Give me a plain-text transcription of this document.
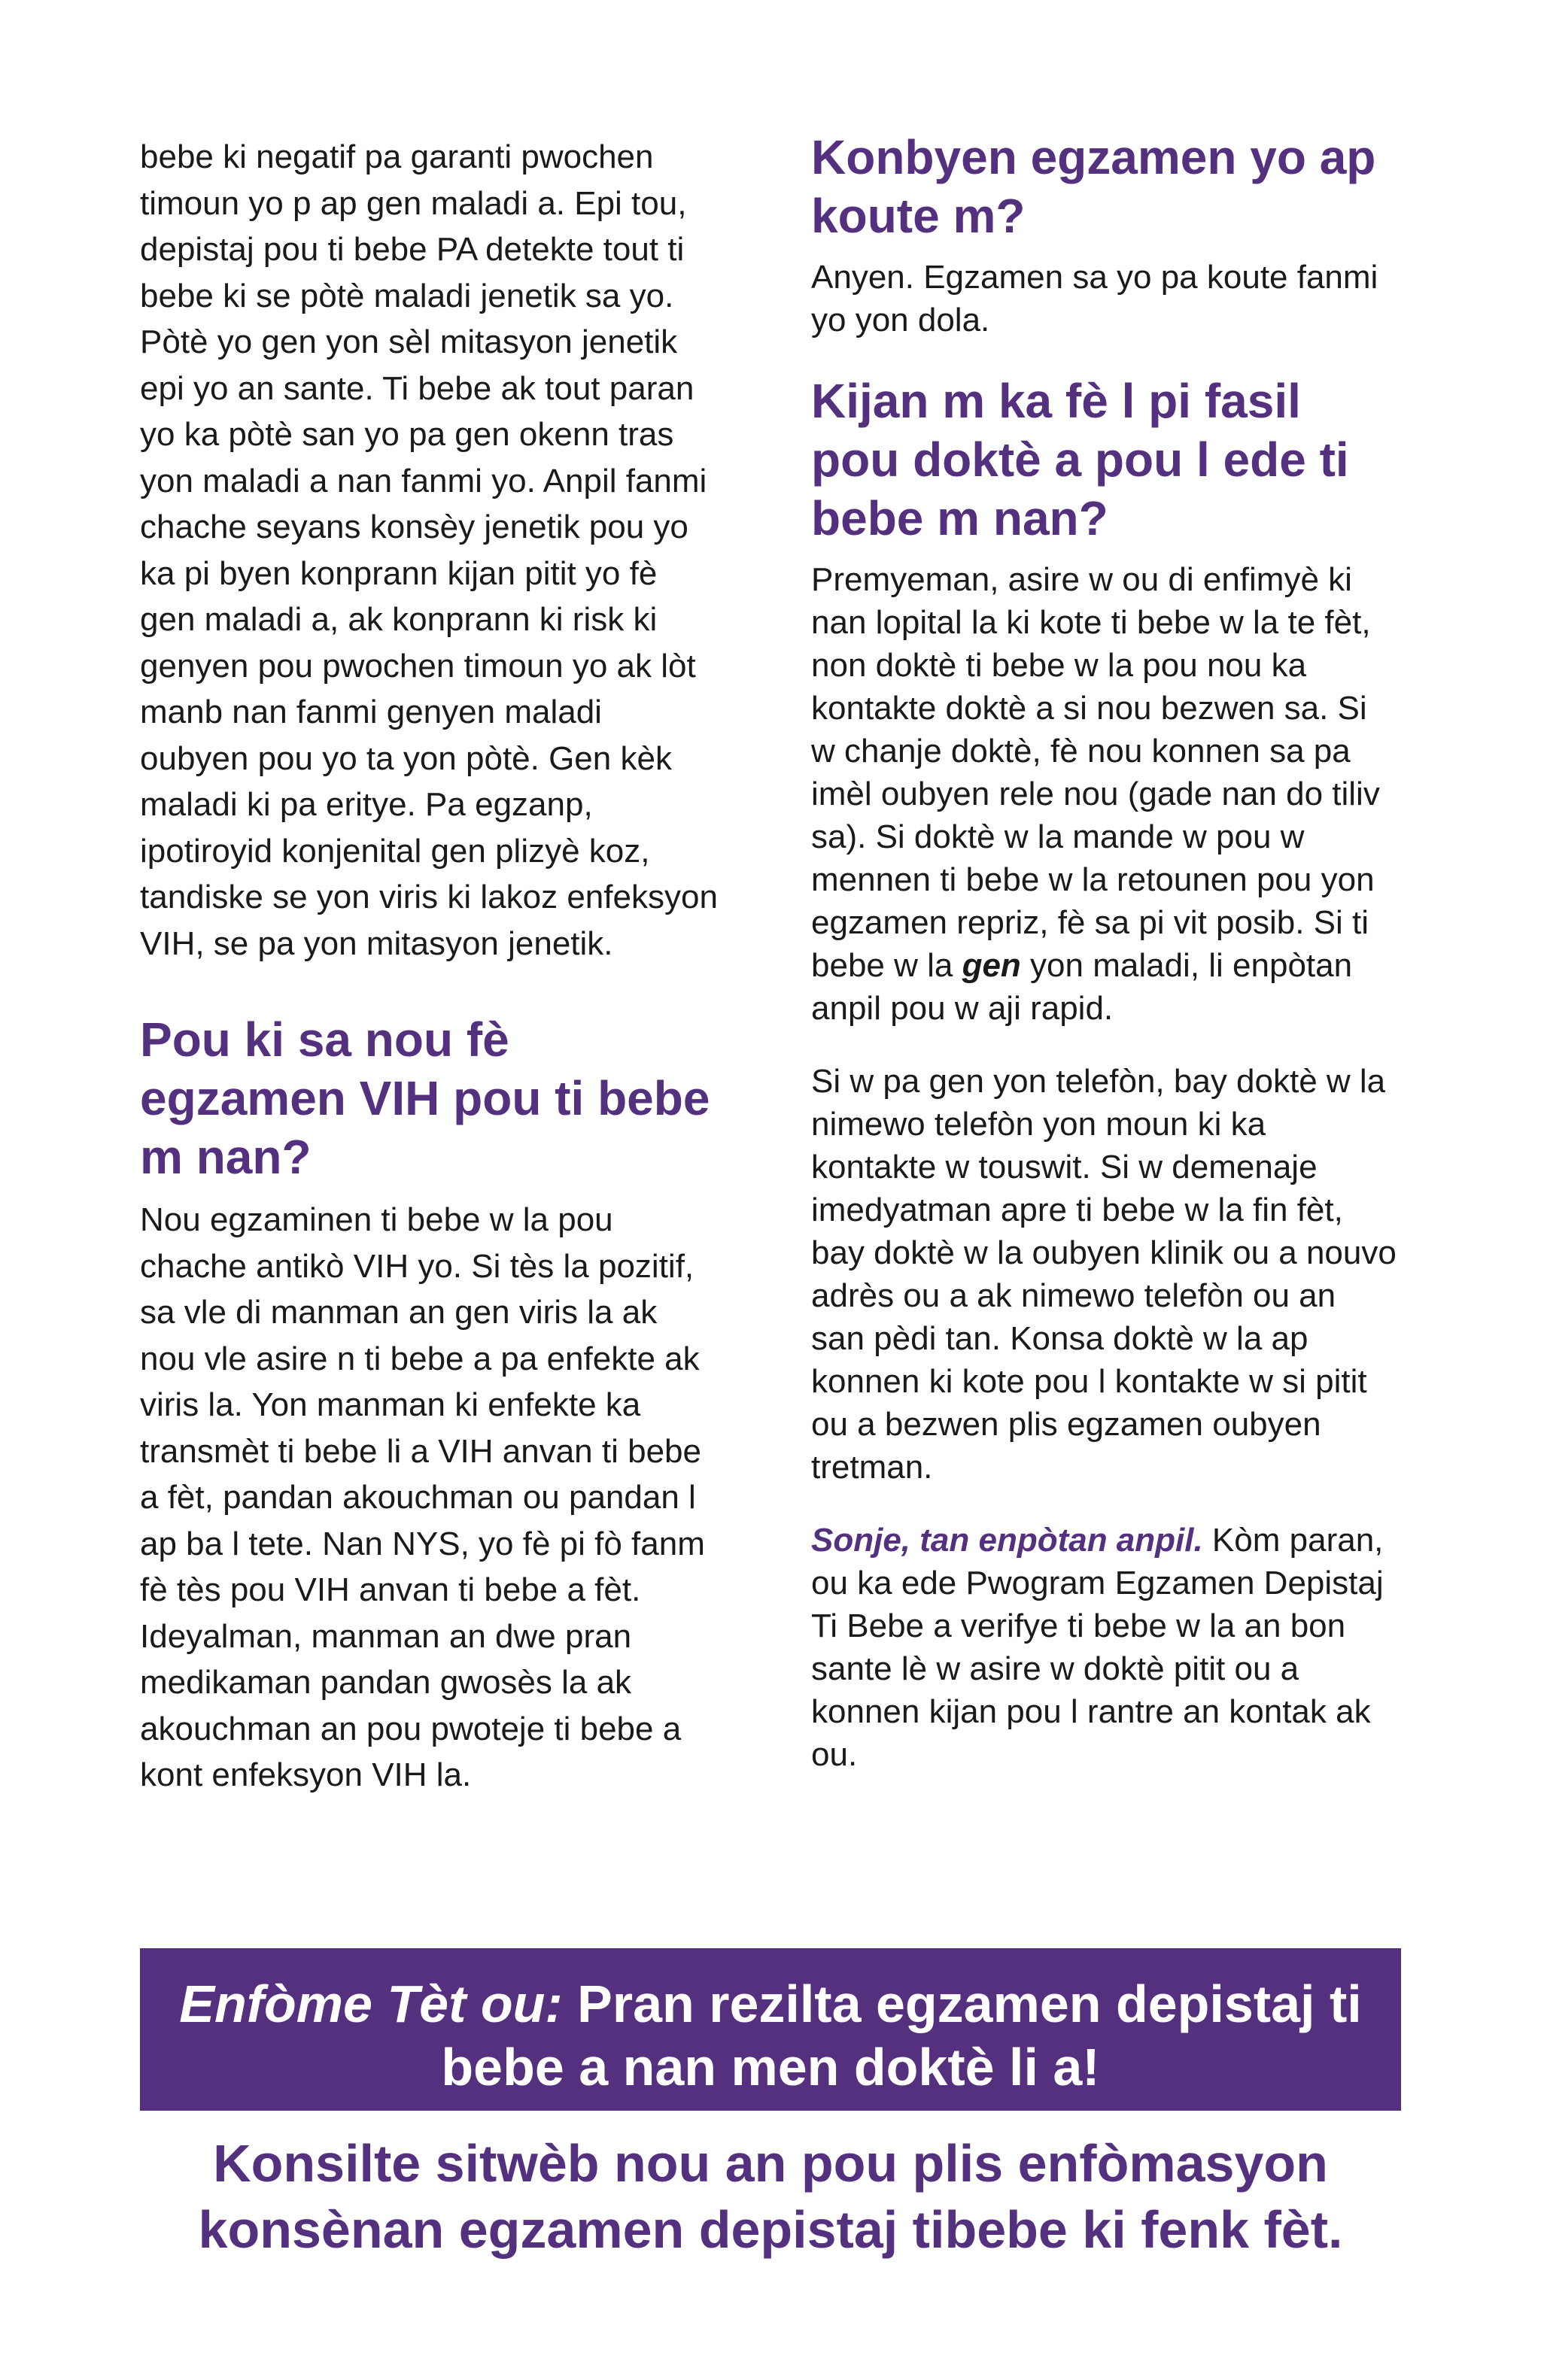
bebe ki negatif pa garanti pwochen timoun yo p ap gen maladi a. Epi tou, depistaj pou ti bebe PA detekte tout ti bebe ki se pòtè maladi jenetik sa yo. Pòtè yo gen yon sèl mitasyon jenetik epi yo an sante. Ti bebe ak tout paran yo ka pòtè san yo pa gen okenn tras yon maladi a nan fanmi yo. Anpil fanmi chache seyans konsèy jenetik pou yo ka pi byen konprann kijan pitit yo fè gen maladi a, ak konprann ki risk ki genyen pou pwochen timoun yo ak lòt manb nan fanmi genyen maladi oubyen pou yo ta yon pòtè. Gen kèk maladi ki pa eritye. Pa egzanp, ipotiroyid konjenital gen plizyè koz, tandiske se yon viris ki lakoz enfeksyon VIH, se pa yon mitasyon jenetik.

Pou ki sa nou fè egzamen VIH pou ti bebe m nan?

Nou egzaminen ti bebe w la pou chache antikò VIH yo. Si tès la pozitif, sa vle di manman an gen viris la ak nou vle asire n ti bebe a pa enfekte ak viris la. Yon manman ki enfekte ka transmèt ti bebe li a VIH anvan ti bebe a fèt, pandan akouchman ou pandan l ap ba l tete. Nan NYS, yo fè pi fò fanm fè tès pou VIH anvan ti bebe a fèt. Ideyalman, manman an dwe pran medikaman pandan gwosès la ak akouchman an pou pwoteje ti bebe a kont enfeksyon VIH la.

Konbyen egzamen yo ap koute m?

Anyen. Egzamen sa yo pa koute fanmi yo yon dola.

Kijan m ka fè l pi fasil pou doktè a pou l ede ti bebe m nan?

Premyeman, asire w ou di enfimyè ki nan lopital la ki kote ti bebe w la te fèt, non doktè ti bebe w la pou nou ka kontakte doktè a si nou bezwen sa. Si w chanje doktè, fè nou konnen sa pa imèl oubyen rele nou (gade nan do tiliv sa). Si doktè w la mande w pou w mennen ti bebe w la retounen pou yon egzamen repriz, fè sa pi vit posib. Si ti bebe w la gen yon maladi, li enpòtan anpil pou w aji rapid.

Si w pa gen yon telefòn, bay doktè w la nimewo telefòn yon moun ki ka kontakte w touswit. Si w demenaje imedyatman apre ti bebe w la fin fèt, bay doktè w la oubyen klinik ou a nouvo adrès ou a ak nimewo telefòn ou an san pèdi tan. Konsa doktè w la ap konnen ki kote pou l kontakte w si pitit ou a bezwen plis egzamen oubyen tretman.

Sonje, tan enpòtan anpil. Kòm paran, ou ka ede Pwogram Egzamen Depistaj Ti Bebe a verifye ti bebe w la an bon sante lè w asire w doktè pitit ou a konnen kijan pou l rantre an kontak ak ou.

Enfòme Tèt ou: Pran rezilta egzamen depistaj ti bebe a nan men doktè li a!
Konsilte sitwèb nou an pou plis enfòmasyon konsènan egzamen depistaj tibebe ki fenk fèt.
